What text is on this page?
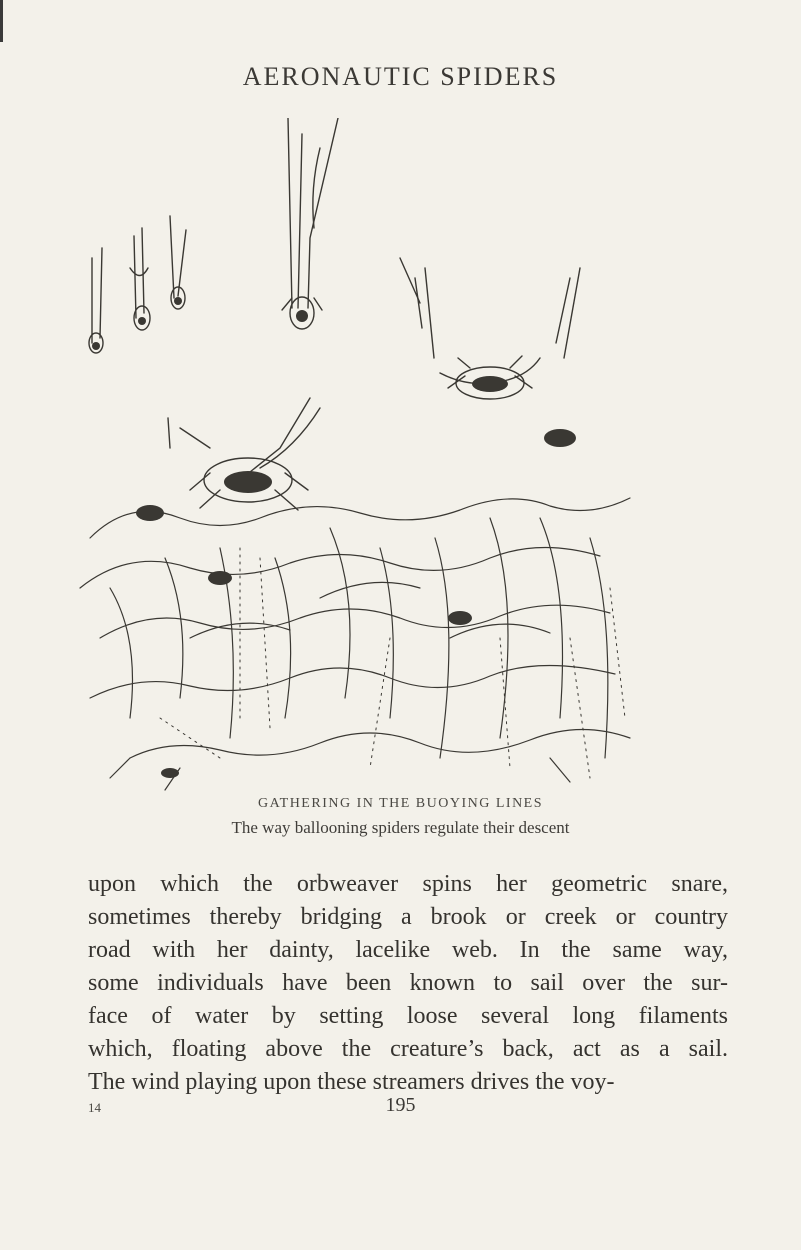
AERONAUTIC SPIDERS
GATHERING IN THE BUOYING LINES
The way ballooning spiders regulate their descent
upon which the orbweaver spins her geometric snare,
sometimes thereby bridging a brook or creek or country
road with her dainty, lacelike web. In the same way,
some individuals have been known to sail over the sur-
face of water by setting loose several long filaments
which, floating above the creature’s back, act as a sail.
The wind playing upon these streamers drives the voy-
14	195
